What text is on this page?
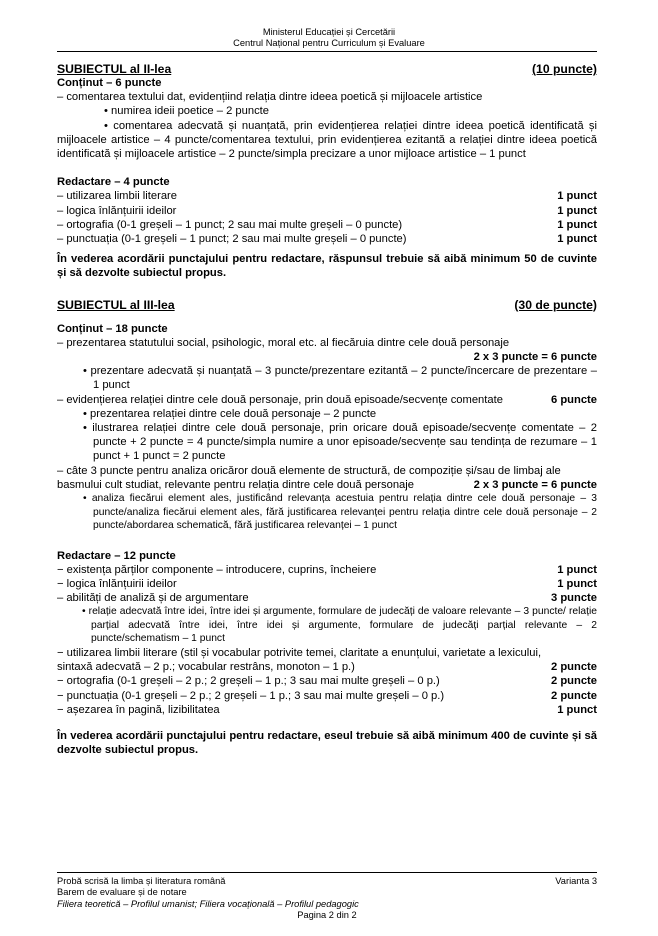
Ministerul Educației și Cercetării
Centrul Național pentru Curriculum și Evaluare
SUBIECTUL al II-lea	(10 puncte)
Conținut – 6 puncte
– comentarea textului dat, evidențiind relația dintre ideea poetică și mijloacele artistice
• numirea ideii poetice – 2 puncte
• comentarea adecvată și nuanțată, prin evidențierea relației dintre ideea poetică identificată și mijloacele artistice – 4 puncte/comentarea textului, prin evidențierea ezitantă a relației dintre ideea poetică identificată și mijloacele artistice – 2 puncte/simpla precizare a unor mijloace artistice – 1 punct
Redactare – 4 puncte
– utilizarea limbii literare	1 punct
– logica înlănțuirii ideilor	1 punct
– ortografia (0-1 greșeli – 1 punct; 2 sau mai multe greșeli – 0 puncte)	1 punct
– punctuația (0-1 greșeli – 1 punct; 2 sau mai multe greșeli – 0 puncte)	1 punct
În vederea acordării punctajului pentru redactare, răspunsul trebuie să aibă minimum 50 de cuvinte și să dezvolte subiectul propus.
SUBIECTUL al III-lea	(30 de puncte)
Conținut – 18 puncte
– prezentarea statutului social, psihologic, moral etc. al fiecăruia dintre cele două personaje
2 x 3 puncte = 6 puncte
• prezentare adecvată și nuanțată – 3 puncte/prezentare ezitantă – 2 puncte/încercare de prezentare – 1 punct
– evidențierea relației dintre cele două personaje, prin două episoade/secvențe comentate	6 puncte
• prezentarea relației dintre cele două personaje – 2 puncte
• ilustrarea relației dintre cele două personaje, prin oricare două episoade/secvențe comentate – 2 puncte + 2 puncte = 4 puncte/simpla numire a unor episoade/secvențe sau tendința de rezumare – 1 punct + 1 punct = 2 puncte
– câte 3 puncte pentru analiza oricăror două elemente de structură, de compoziție și/sau de limbaj ale
basmului cult studiat, relevante pentru relația dintre cele două personaje	2 x 3 puncte = 6 puncte
• analiza fiecărui element ales, justificând relevanța acestuia pentru relația dintre cele două personaje – 3 puncte/analiza fiecărui element ales, fără justificarea relevanței pentru relația dintre cele două personaje – 2 puncte/abordarea schematică, fără justificarea relevanței – 1 punct
Redactare – 12 puncte
− existența părților componente – introducere, cuprins, încheiere	1 punct
− logica înlănțuirii ideilor	1 punct
– abilități de analiză și de argumentare	3 puncte
• relație adecvată între idei, între idei și argumente, formulare de judecăți de valoare relevante – 3 puncte/ relație parțial adecvată între idei, între idei și argumente, formulare de judecăți parțial relevante – 2 puncte/schematism – 1 punct
− utilizarea limbii literare (stil și vocabular potrivite temei, claritate a enunțului, varietate a lexicului,
sintaxă adecvată – 2 p.; vocabular restrâns, monoton – 1 p.)	2 puncte
− ortografia (0-1 greșeli – 2 p.; 2 greșeli – 1 p.; 3 sau mai multe greșeli – 0 p.)	2 puncte
− punctuația (0-1 greșeli – 2 p.; 2 greșeli – 1 p.; 3 sau mai multe greșeli – 0 p.)	2 puncte
− așezarea în pagină, lizibilitatea	1 punct
În vederea acordării punctajului pentru redactare, eseul trebuie să aibă minimum 400 de cuvinte și să dezvolte subiectul propus.
Probă scrisă la limba și literatura română	Varianta 3
Barem de evaluare și de notare
Filiera teoretică – Profilul umanist; Filiera vocațională – Profilul pedagogic
Pagina 2 din 2
